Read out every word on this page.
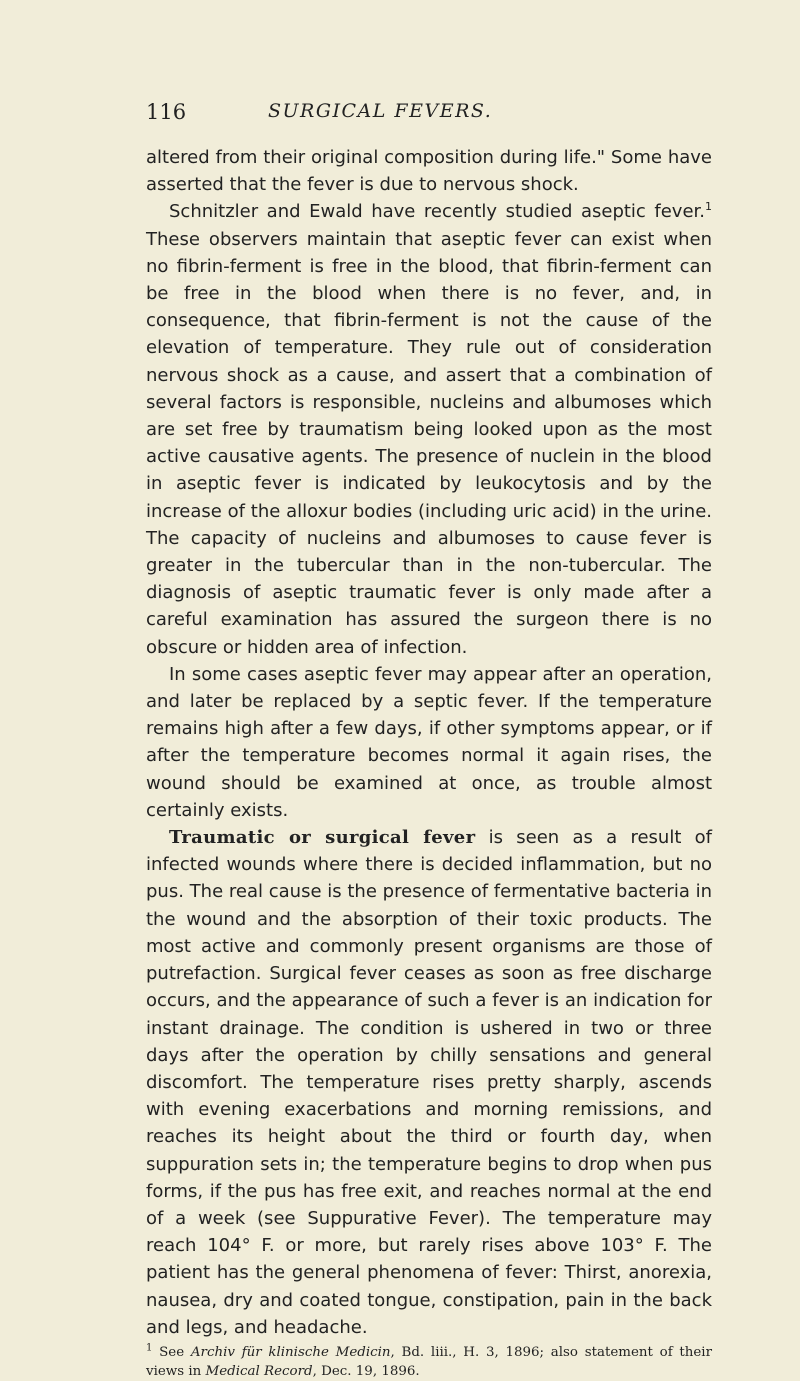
116	SURGICAL FEVERS.

altered from their original composition during life." Some have asserted that the fever is due to nervous shock.

Schnitzler and Ewald have recently studied aseptic fever.$^1$ These observers maintain that aseptic fever can exist when no fibrin-ferment is free in the blood, that fibrin-ferment can be free in the blood when there is no fever, and, in consequence, that fibrin-ferment is not the cause of the elevation of temperature. They rule out of consideration nervous shock as a cause, and assert that a combination of several factors is responsible, nucleins and albumoses which are set free by traumatism being looked upon as the most active causative agents. The presence of nuclein in the blood in aseptic fever is indicated by leukocytosis and by the increase of the alloxur bodies (including uric acid) in the urine. The capacity of nucleins and albumoses to cause fever is greater in the tubercular than in the non-tubercular. The diagnosis of aseptic traumatic fever is only made after a careful examination has assured the surgeon there is no obscure or hidden area of infection.

In some cases aseptic fever may appear after an operation, and later be replaced by a septic fever. If the temperature remains high after a few days, if other symptoms appear, or if after the temperature becomes normal it again rises, the wound should be examined at once, as trouble almost certainly exists.

Traumatic or surgical fever is seen as a result of infected wounds where there is decided inflammation, but no pus. The real cause is the presence of fermentative bacteria in the wound and the absorption of their toxic products. The most active and commonly present organisms are those of putrefaction. Surgical fever ceases as soon as free discharge occurs, and the appearance of such a fever is an indication for instant drainage. The condition is ushered in two or three days after the operation by chilly sensations and general discomfort. The temperature rises pretty sharply, ascends with evening exacerbations and morning remissions, and reaches its height about the third or fourth day, when suppuration sets in; the temperature begins to drop when pus forms, if the pus has free exit, and reaches normal at the end of a week (see Suppurative Fever). The temperature may reach 104° F. or more, but rarely rises above 103° F. The patient has the general phenomena of fever: Thirst, anorexia, nausea, dry and coated tongue, constipation, pain in the back and legs, and headache.

$^1$ See Archiv für klinische Medicin, Bd. liii., H. 3, 1896; also statement of their views in Medical Record, Dec. 19, 1896.
